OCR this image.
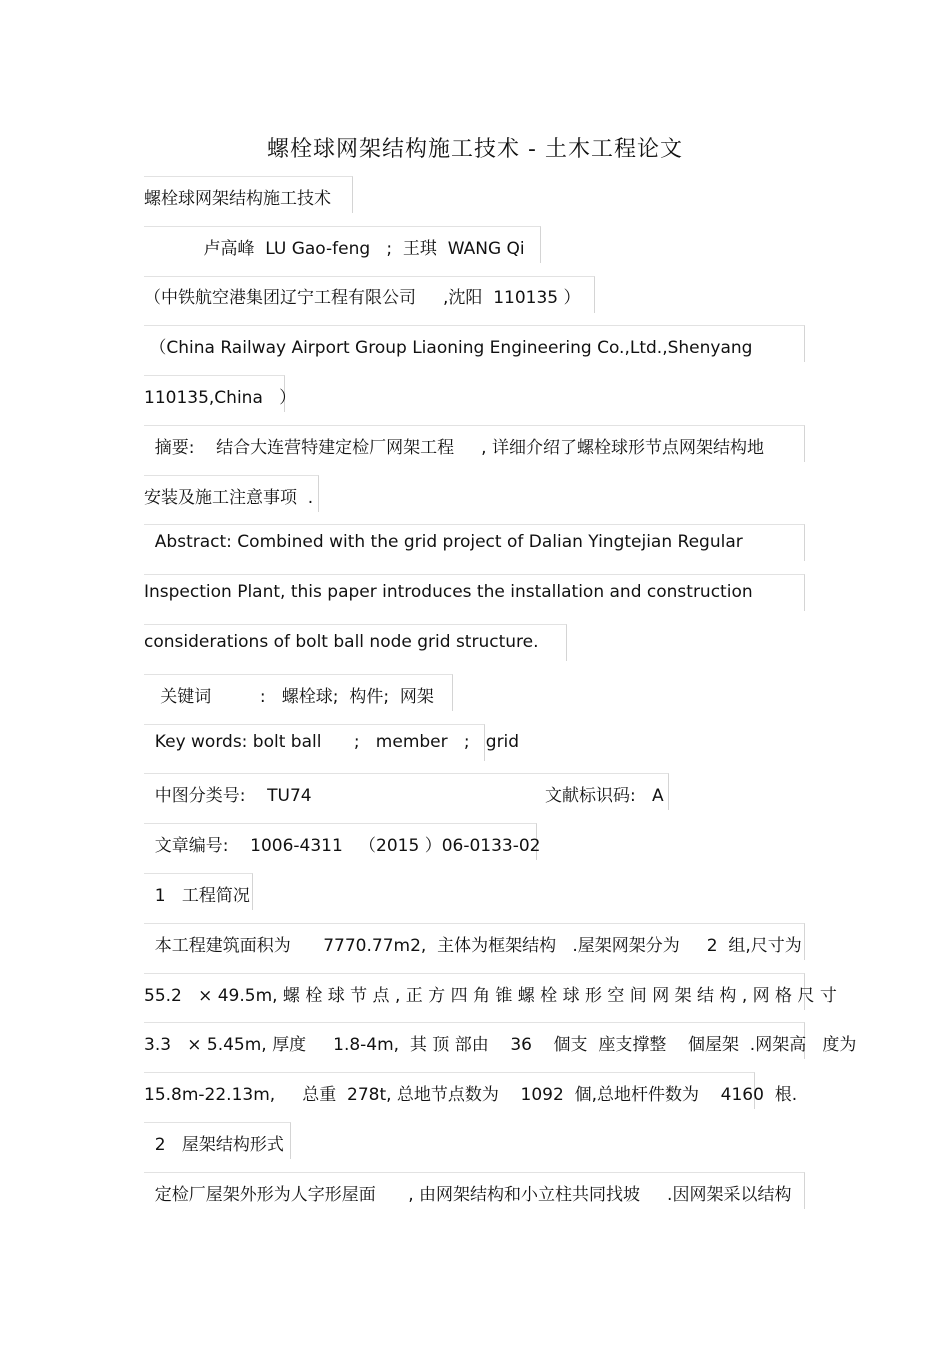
螺栓球网架结构施工技术 - 土木工程论文
螺栓球网架结构施工技术
卢高峰  LU Gao-feng   ;  王琪  WANG Qi
（中铁航空港集团辽宁工程有限公司     ,沈阳  110135 ）
（China Railway Airport Group Liaoning Engineering Co.,Ltd.,Shenyang
110135,China   ）
摘要:    结合大连营特建定检厂网架工程     , 详细介绍了螺栓球形节点网架结构地
安装及施工注意事项  .
Abstract: Combined with the grid project of Dalian Yingtejian Regular
Inspection Plant, this paper introduces the installation and construction
considerations of bolt ball node grid structure.
关键词         :   螺栓球;  构件;  网架
Key words: bolt ball      ;   member   ;   grid
中图分类号:    TU74	文献标识码:   A
文章编号:    1006-4311   （2015 ）06-0133-02
1   工程简况
本工程建筑面积为      7770.77m2,  主体为框架结构   .屋架网架分为     2  组,尺寸为
55.2   × 49.5m, 螺 栓 球 节 点 , 正 方 四 角 锥 螺 栓 球 形 空 间 网 架 结 构 , 网 格 尺 寸
3.3   × 5.45m, 厚度     1.8-4m,  其 顶 部由    36    個支  座支撑整    個屋架  .网架高   度为
15.8m-22.13m,     总重  278t, 总地节点数为    1092  個,总地杆件数为    4160  根.
2   屋架结构形式
定检厂屋架外形为人字形屋面      , 由网架结构和小立柱共同找坡     .因网架采以结构
